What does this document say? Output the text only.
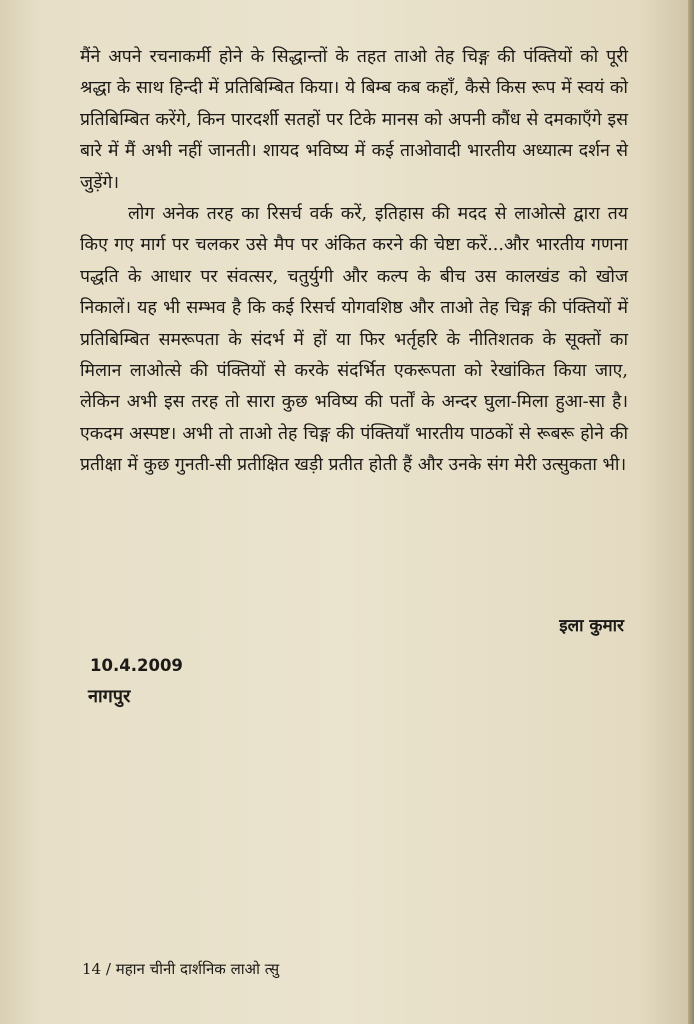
मैंने अपने रचनाकर्मी होने के सिद्धान्तों के तहत ताओ तेह चिङ्ग की पंक्तियों को पूरी श्रद्धा के साथ हिन्दी में प्रतिबिम्बित किया। ये बिम्ब कब कहाँ, कैसे किस रूप में स्वयं को प्रतिबिम्बित करेंगे, किन पारदर्शी सतहों पर टिके मानस को अपनी कौंध से दमकाएँगे इस बारे में मैं अभी नहीं जानती। शायद भविष्य में कई ताओवादी भारतीय अध्यात्म दर्शन से जुड़ेंगे।

लोग अनेक तरह का रिसर्च वर्क करें, इतिहास की मदद से लाओत्से द्वारा तय किए गए मार्ग पर चलकर उसे मैप पर अंकित करने की चेष्टा करें...और भारतीय गणना पद्धति के आधार पर संवत्सर, चतुर्युगी और कल्प के बीच उस कालखंड को खोज निकालें। यह भी सम्भव है कि कई रिसर्च योगवशिष्ठ और ताओ तेह चिङ्ग की पंक्तियों में प्रतिबिम्बित समरूपता के संदर्भ में हों या फिर भर्तृहरि के नीतिशतक के सूक्तों का मिलान लाओत्से की पंक्तियों से करके संदर्भित एकरूपता को रेखांकित किया जाए, लेकिन अभी इस तरह तो सारा कुछ भविष्य की पर्तों के अन्दर घुला-मिला हुआ-सा है। एकदम अस्पष्ट। अभी तो ताओ तेह चिङ्ग की पंक्तियाँ भारतीय पाठकों से रूबरू होने की प्रतीक्षा में कुछ गुनती-सी प्रतीक्षित खड़ी प्रतीत होती हैं और उनके संग मेरी उत्सुकता भी।

इला कुमार
10.4.2009
नागपुर
14 / महान चीनी दार्शनिक लाओ त्सु
